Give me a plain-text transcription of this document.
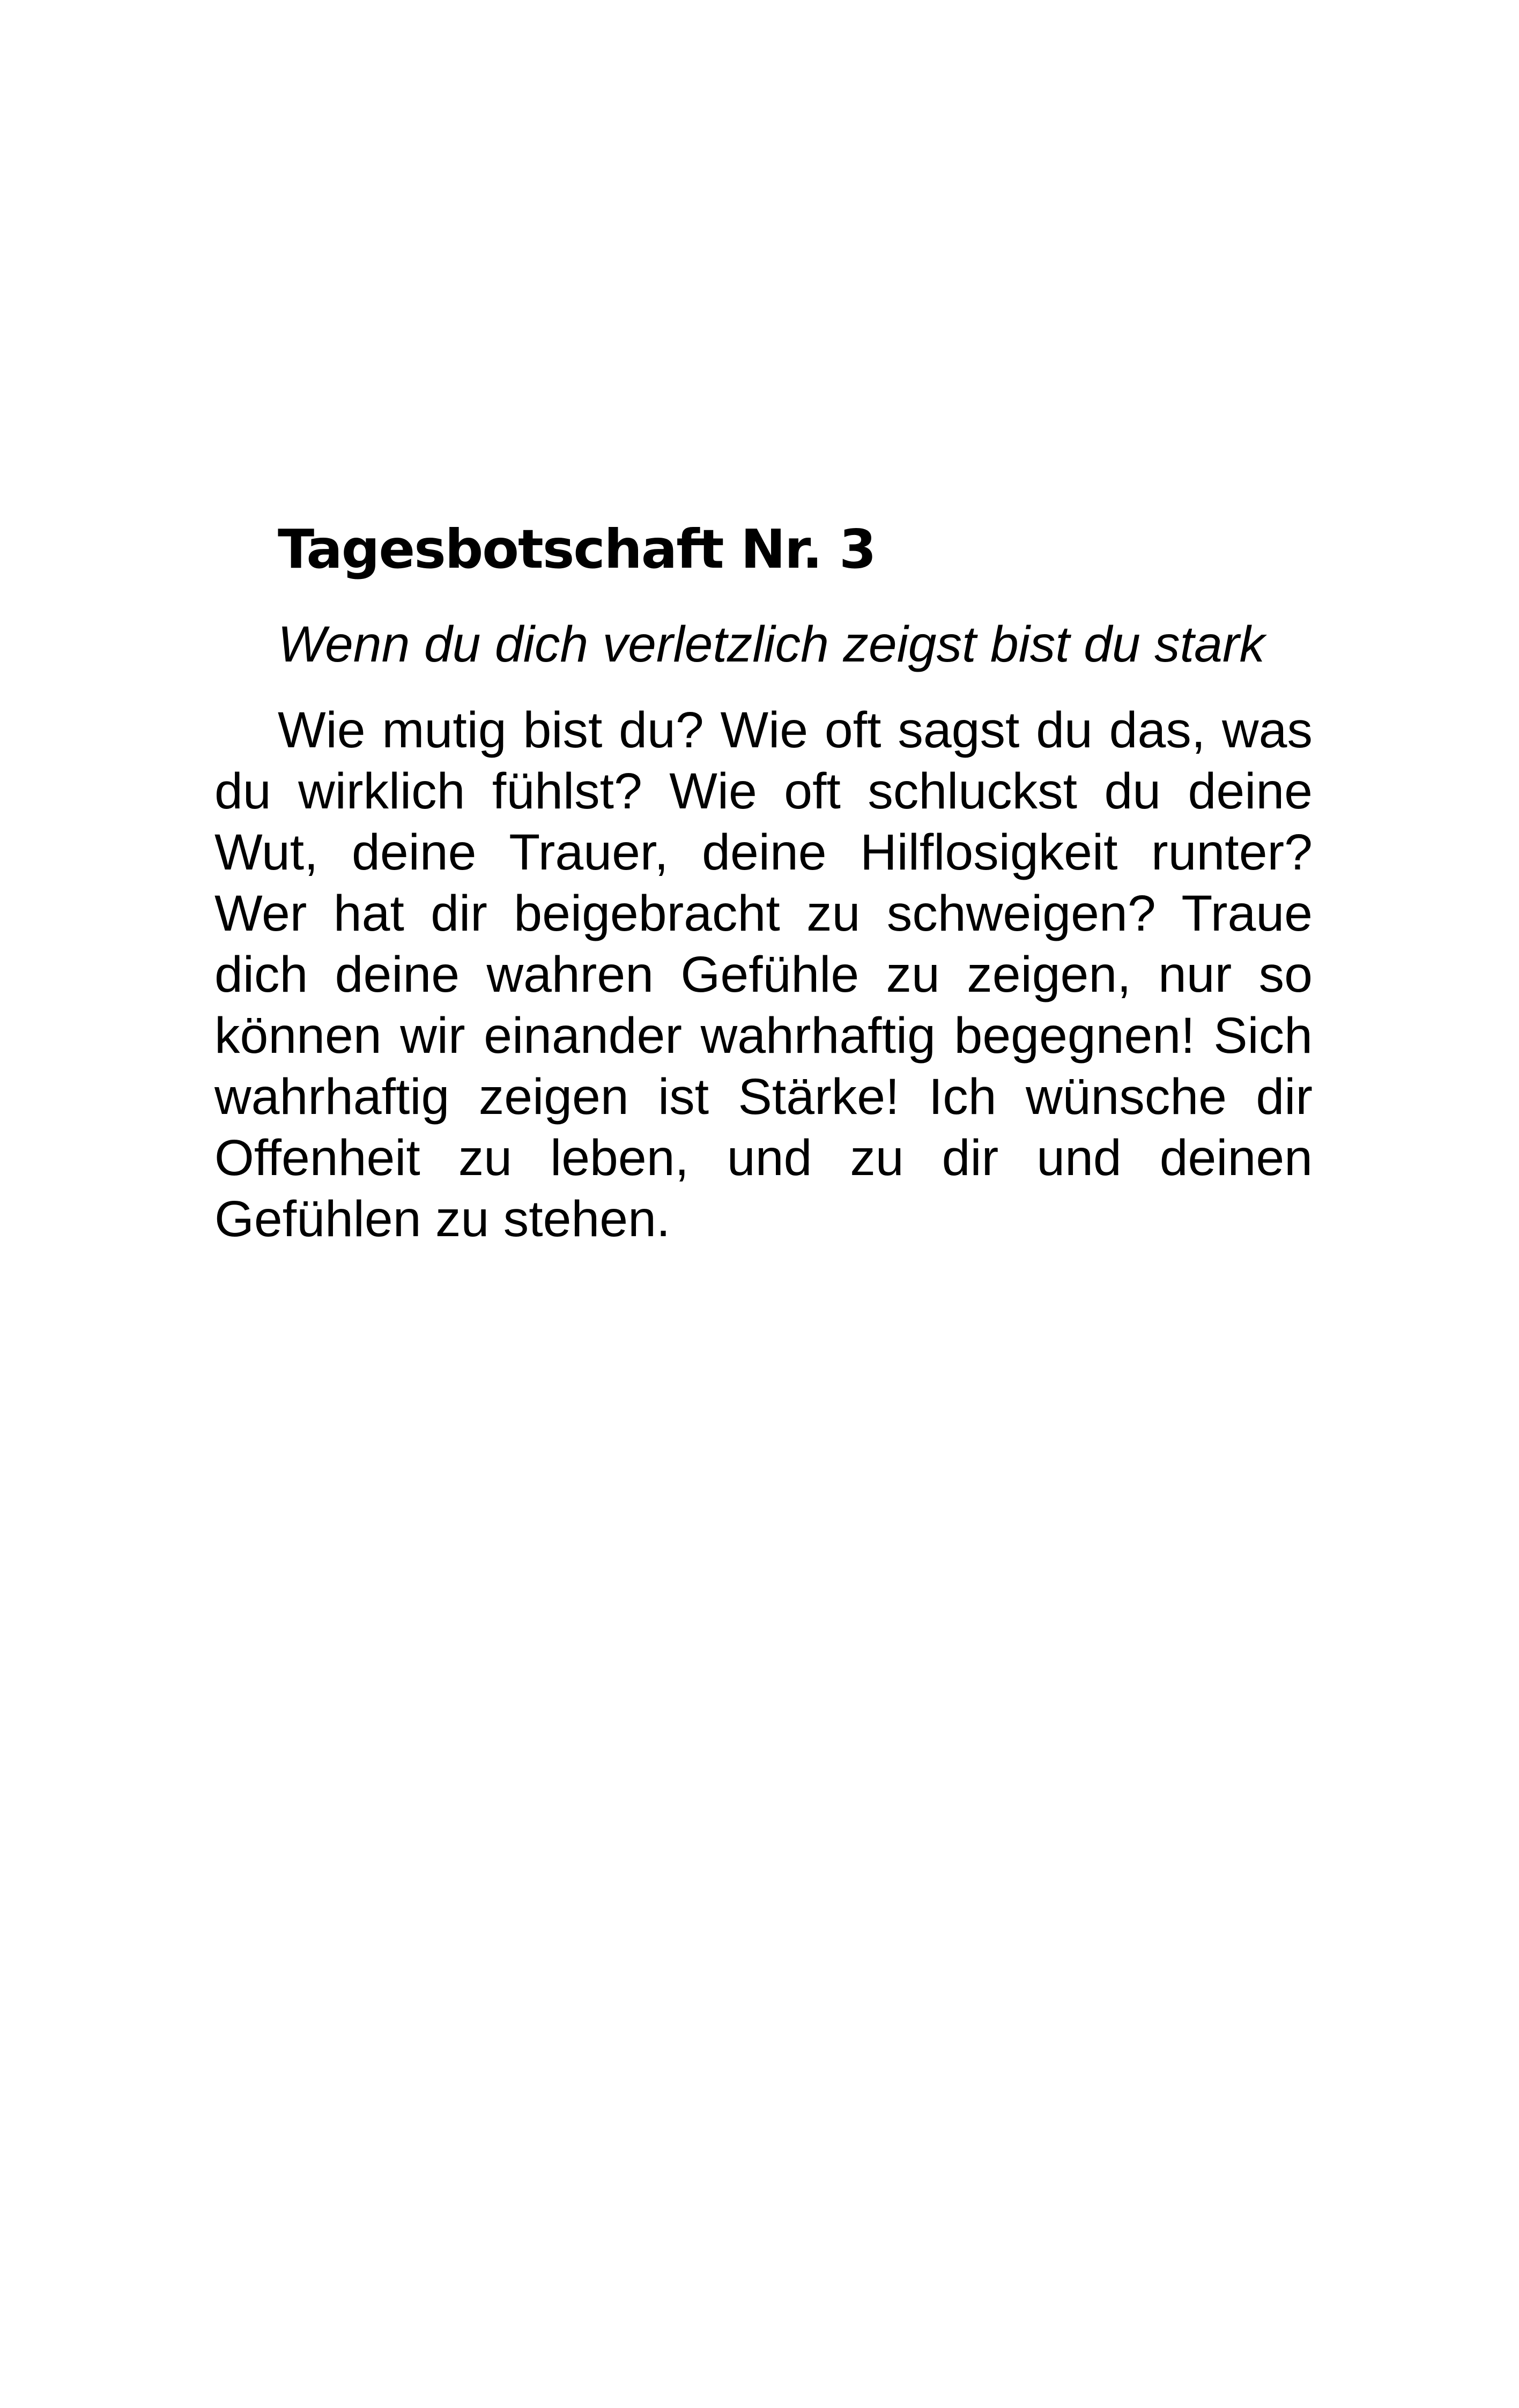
Tagesbotschaft Nr. 3

Wenn du dich verletzlich zeigst bist du stark

Wie mutig bist du? Wie oft sagst du das, was du wirklich fühlst? Wie oft schluckst du deine Wut, deine Trauer, deine Hilflosigkeit runter? Wer hat dir beigebracht zu schweigen? Traue dich deine wahren Gefühle zu zeigen, nur so können wir einander wahrhaftig begegnen! Sich wahrhaftig zeigen ist Stärke! Ich wünsche dir Offenheit zu leben, und zu dir und deinen Gefühlen zu stehen.
